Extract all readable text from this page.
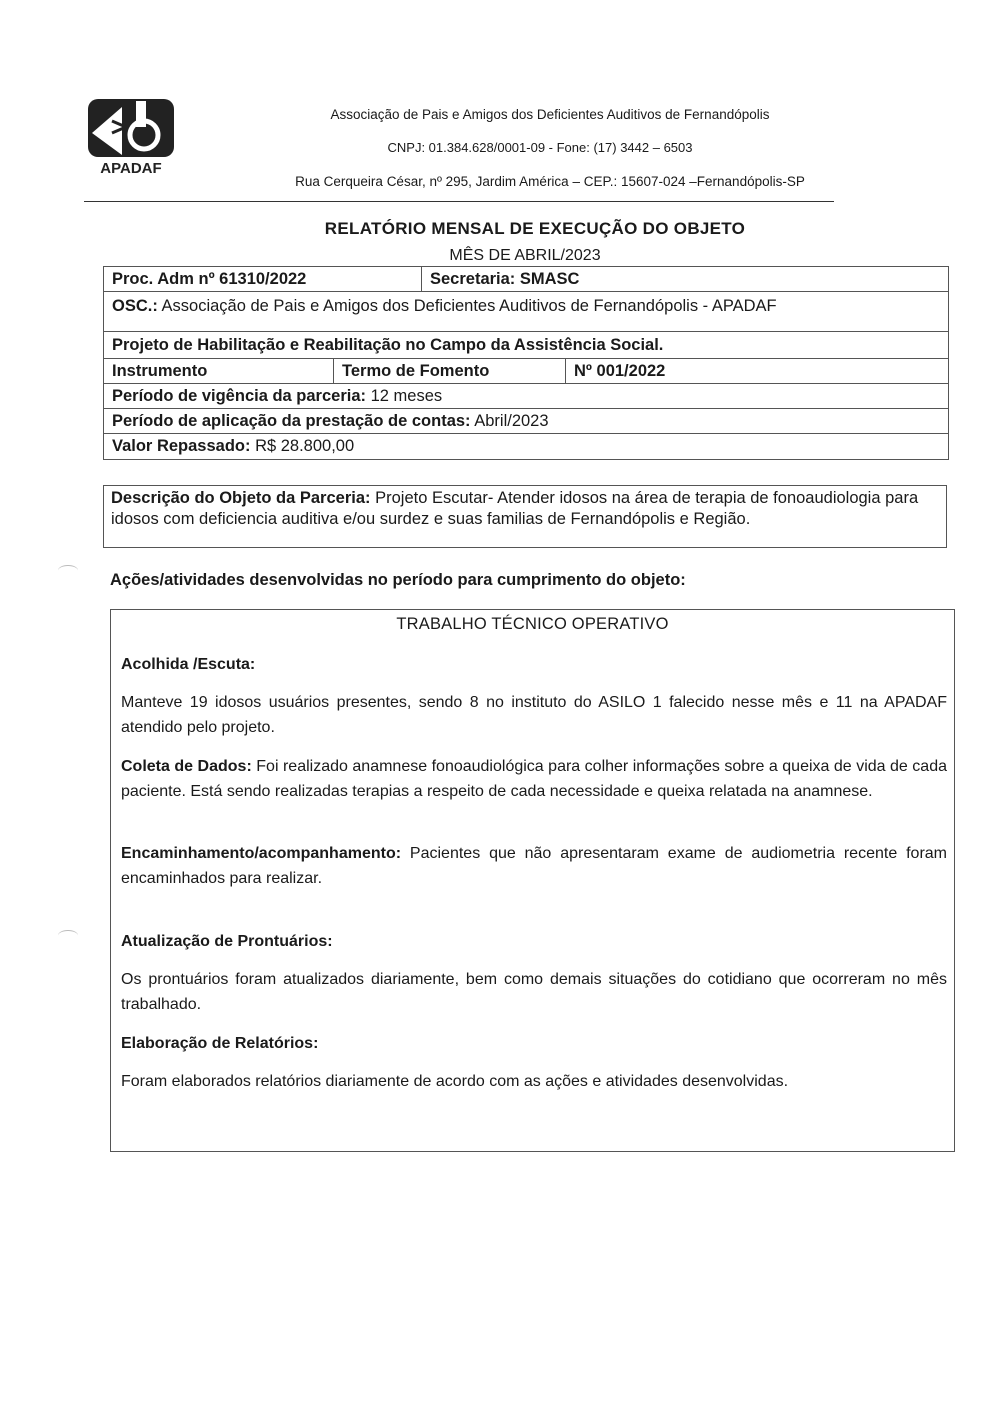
APADAF
Associação de Pais e Amigos dos Deficientes Auditivos de Fernandópolis
CNPJ: 01.384.628/0001-09 - Fone: (17) 3442 – 6503
Rua Cerqueira César, nº 295, Jardim América – CEP.: 15607-024 –Fernandópolis-SP
RELATÓRIO MENSAL DE EXECUÇÃO DO OBJETO
MÊS DE ABRIL/2023
Proc. Adm nº 61310/2022	Secretaria: SMASC
OSC.: Associação de Pais e Amigos dos Deficientes Auditivos de Fernandópolis - APADAF
Projeto de Habilitação e Reabilitação no Campo da Assistência Social.
Instrumento	Termo de Fomento	Nº 001/2022
Período de vigência da parceria: 12 meses
Período de aplicação da prestação de contas: Abril/2023
Valor Repassado: R$ 28.800,00
Descrição do Objeto da Parceria: Projeto Escutar- Atender idosos na área de terapia de fonoaudiologia para idosos com deficiencia auditiva e/ou surdez e suas familias de Fernandópolis e Região.
Ações/atividades desenvolvidas no período para cumprimento do objeto:
TRABALHO TÉCNICO OPERATIVO
Acolhida /Escuta:
Manteve 19 idosos usuários presentes, sendo 8 no instituto do ASILO 1 falecido nesse mês e 11 na APADAF atendido pelo projeto.
Coleta de Dados: Foi realizado anamnese fonoaudiológica para colher informações sobre a queixa de vida de cada paciente. Está sendo realizadas terapias a respeito de cada necessidade e queixa relatada na anamnese.
Encaminhamento/acompanhamento: Pacientes que não apresentaram exame de audiometria recente foram encaminhados para realizar.
Atualização de Prontuários:
Os prontuários foram atualizados diariamente, bem como demais situações do cotidiano que ocorreram no mês trabalhado.
Elaboração de Relatórios:
Foram elaborados relatórios diariamente de acordo com as ações e atividades desenvolvidas.
